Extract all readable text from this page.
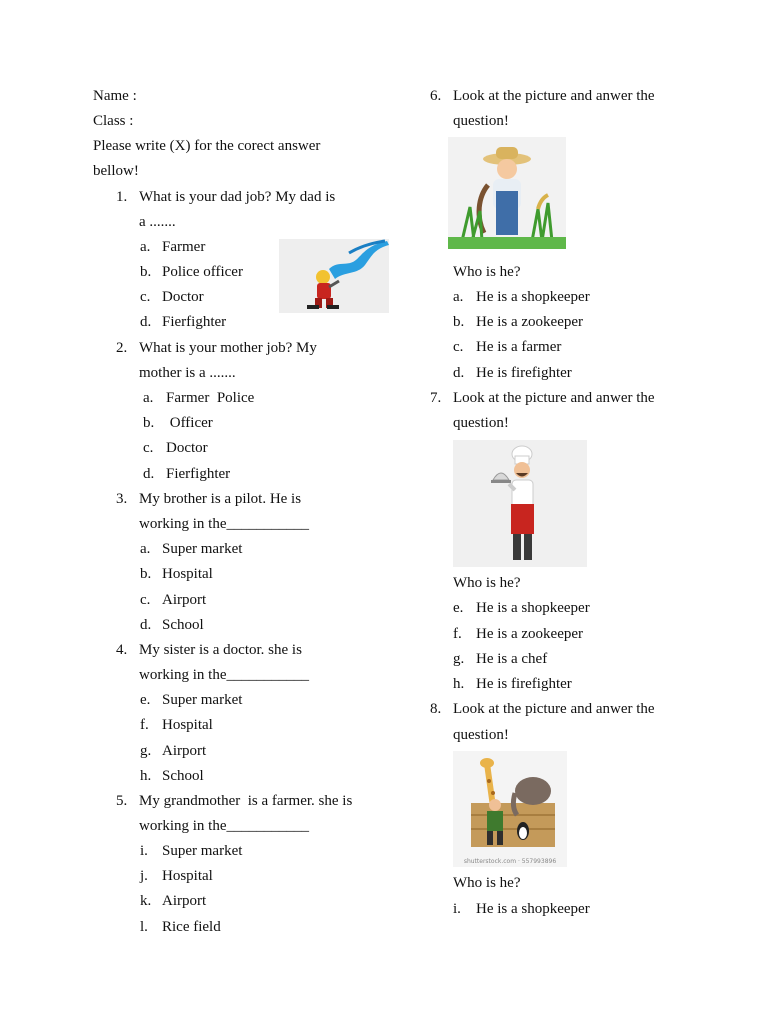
Name :
Class :
Please write (X) for the corect answer
bellow!
1. What is your dad job? My dad is
a .......
a. Farmer
b. Police officer
c. Doctor
d. Fierfighter
2. What is your mother job? My
mother is a .......
a. Farmer  Police
b. Officer
c. Doctor
d. Fierfighter
3. My brother is a pilot. He is
working in the___________
a. Super market
b. Hospital
c. Airport
d. School
4. My sister is a doctor. she is
working in the___________
e. Super market
f. Hospital
g. Airport
h. School
5. My grandmother  is a farmer. she is
working in the___________
i. Super market
j. Hospital
k. Airport
l. Rice field
6. Look at the picture and anwer the
question!
Who is he?
a. He is a shopkeeper
b. He is a zookeeper
c. He is a farmer
d. He is firefighter
7. Look at the picture and anwer the
question!
Who is he?
e. He is a shopkeeper
f. He is a zookeeper
g. He is a chef
h. He is firefighter
8. Look at the picture and anwer the
question!
shutterstock.com · 557993896
Who is he?
i. He is a shopkeeper
